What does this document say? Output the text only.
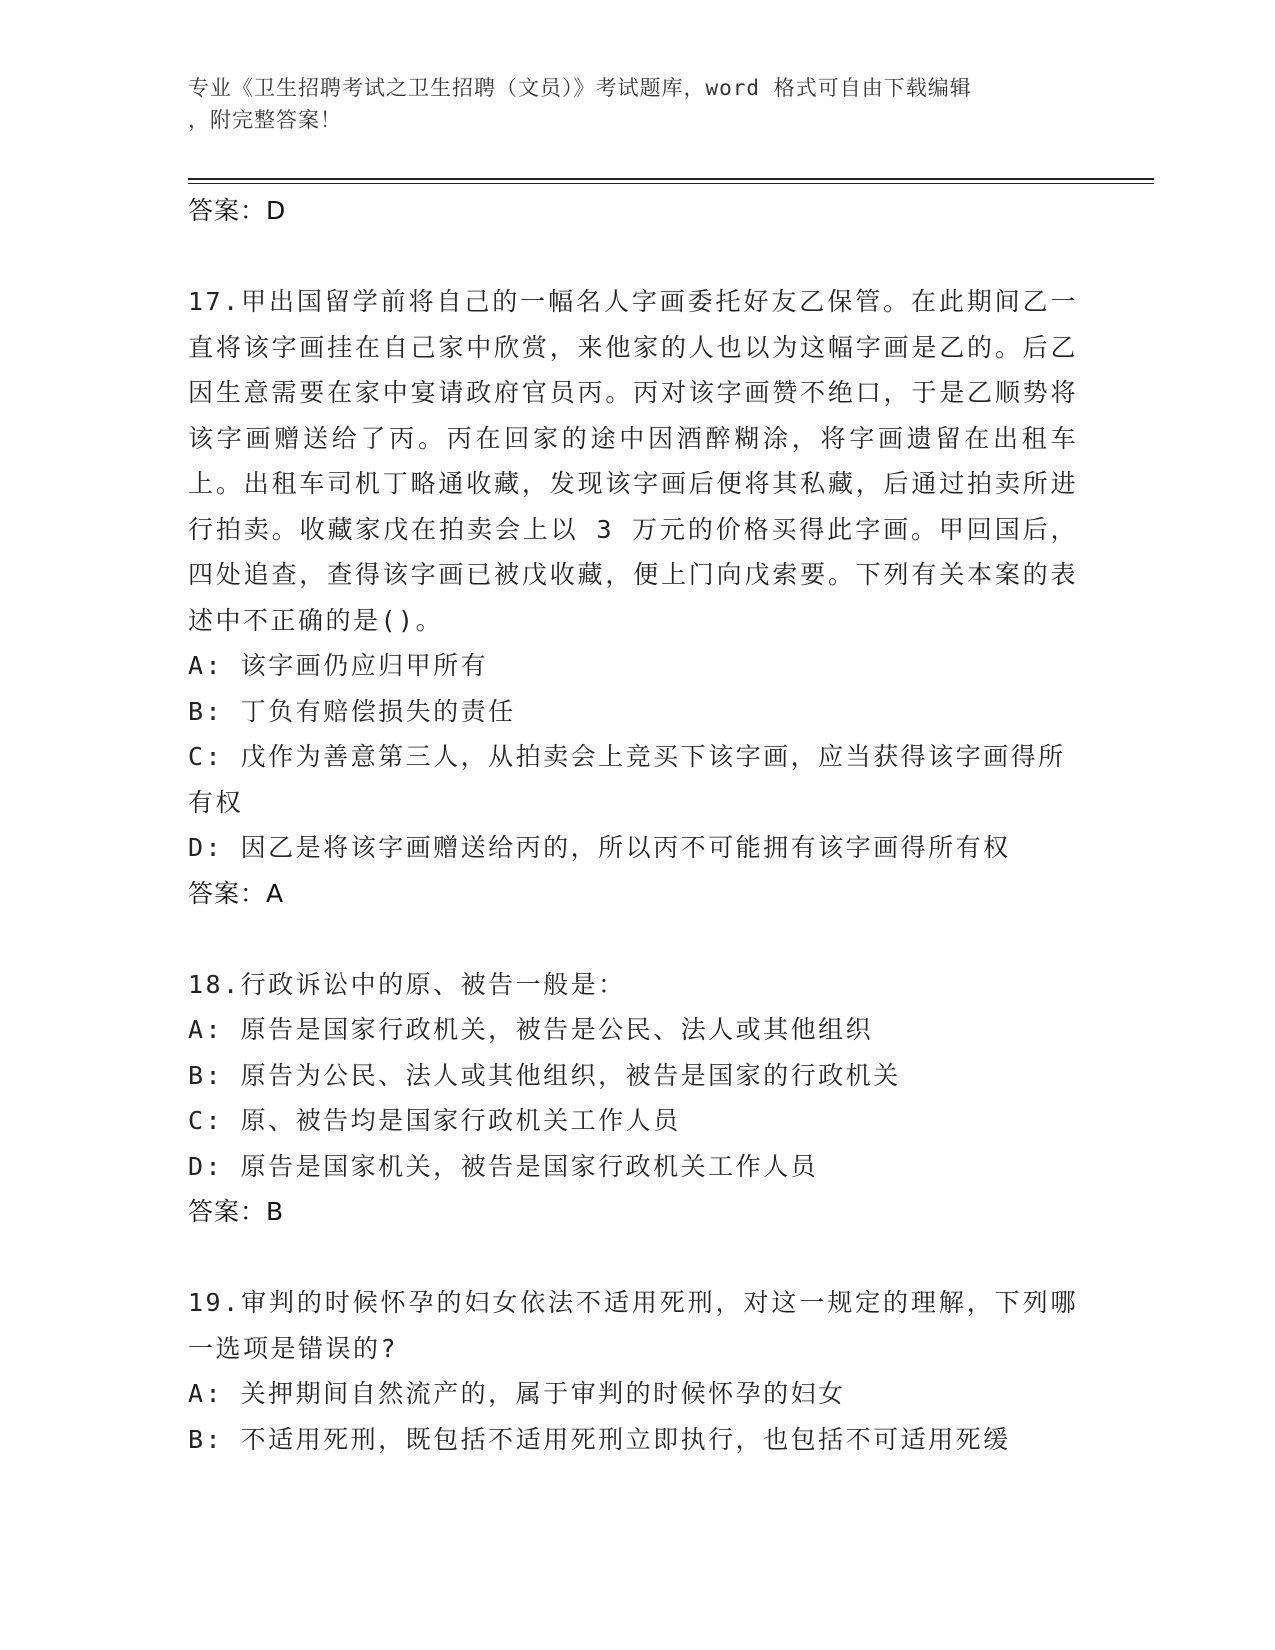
专业《卫生招聘考试之卫生招聘（文员）》考试题库，word 格式可自由下载编辑
，附完整答案！

答案：D

17.甲出国留学前将自己的一幅名人字画委托好友乙保管。在此期间乙一直将该字画挂在自己家中欣赏，来他家的人也以为这幅字画是乙的。后乙因生意需要在家中宴请政府官员丙。丙对该字画赞不绝口，于是乙顺势将该字画赠送给了丙。丙在回家的途中因酒醉糊涂，将字画遗留在出租车上。出租车司机丁略通收藏，发现该字画后便将其私藏，后通过拍卖所进行拍卖。收藏家戊在拍卖会上以 3 万元的价格买得此字画。甲回国后，四处追查，查得该字画已被戊收藏，便上门向戊索要。下列有关本案的表述中不正确的是()。

A: 该字画仍应归甲所有

B: 丁负有赔偿损失的责任

C: 戊作为善意第三人，从拍卖会上竞买下该字画，应当获得该字画得所有权

D: 因乙是将该字画赠送给丙的，所以丙不可能拥有该字画得所有权

答案：A

18.行政诉讼中的原、被告一般是：

A: 原告是国家行政机关，被告是公民、法人或其他组织

B: 原告为公民、法人或其他组织，被告是国家的行政机关

C: 原、被告均是国家行政机关工作人员

D: 原告是国家机关，被告是国家行政机关工作人员

答案：B

19.审判的时候怀孕的妇女依法不适用死刑，对这一规定的理解，下列哪一选项是错误的?

A: 关押期间自然流产的，属于审判的时候怀孕的妇女

B: 不适用死刑，既包括不适用死刑立即执行，也包括不可适用死缓
